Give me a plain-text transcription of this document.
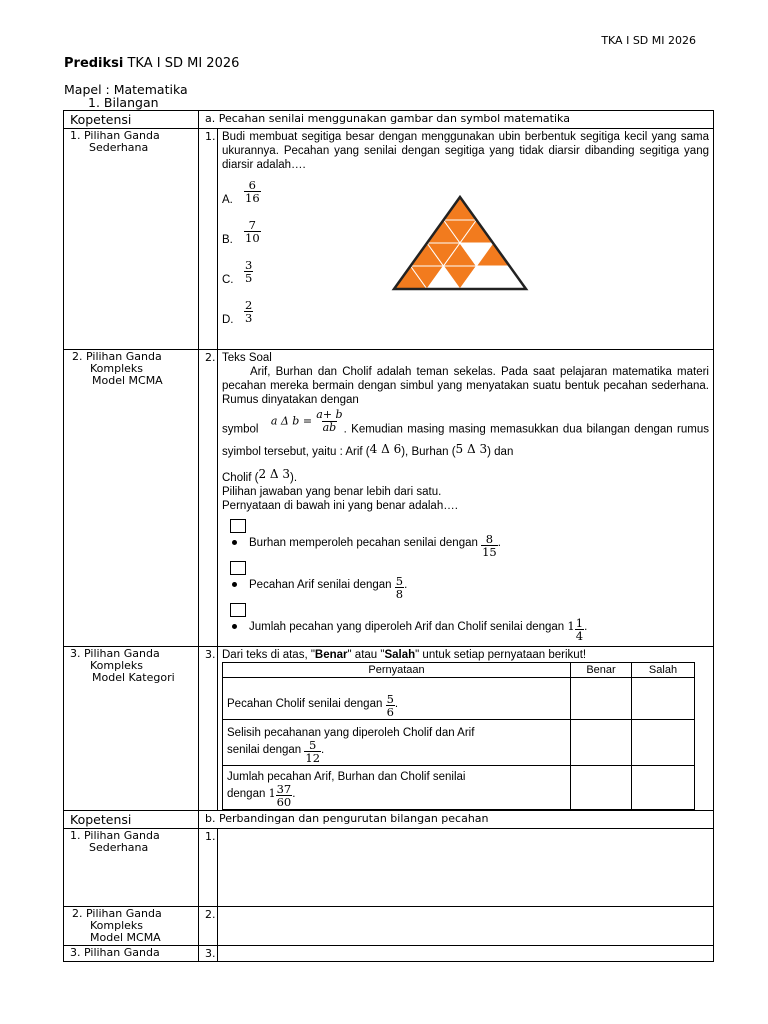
TKA I SD MI 2026
Prediksi TKA I SD MI 2026
Mapel : Matematika
1. Bilangan
Kopetensi	a. Pecahan senilai menggunakan gambar dan symbol matematika

1. Pilihan Ganda
Sederhana
	1.	Budi membuat segitiga besar dengan menggunakan ubin berbentuk segitiga kecil yang sama ukurannya. Pecahan yang senilai dengan segitiga yang tidak diarsir dibanding segitiga yang diarsir adalah….
A. $\frac{6}{16}$
B. $\frac{7}{10}$
C. $\frac{3}{5}$
D. $\frac{2}{3}$

2. Pilihan Ganda
Kompleks
Model MCMA
	2.	Teks Soal
Arif, Burhan dan Cholif adalah teman sekelas. Pada saat pelajaran matematika materi pecahan mereka bermain dengan simbul yang menyatakan suatu bentuk pecahan sederhana. Rumus dinyatakan dengan
symbol a Δ $b = \frac{a+ b}{ab}$ . Kemudian masing masing memasukkan dua bilangan dengan rumus syimbol tersebut, yaitu : Arif (4 Δ 6), Burhan (5 Δ 3) dan
Cholif (2 Δ 3).
Pilihan jawaban yang benar lebih dari satu.
Pernyataan di bawah ini yang benar adalah….
Burhan memperoleh pecahan senilai dengan $\frac{8}{15}$ .
Pecahan Arif senilai dengan $\frac{5}{8}$ .
Jumlah pecahan yang diperoleh Arif dan Cholif senilai dengan $1 \frac{1}{4}$ .

3. Pilihan Ganda
Kompleks
Model Kategori
	3.	Dari teks di atas, "Benar" atau "Salah" untuk setiap pernyataan berikut!
Pernyataan	Benar	Salah

Pecahan Cholif senilai dengan $\frac{5}{6}$ .

Selisih pecahanan yang diperoleh Cholif dan Arif
senilai dengan $\frac{5}{12}$ .

Jumlah pecahan Arif, Burhan dan Cholif senilai
dengan $1 \frac{37}{60}$ .

Kopetensi	b. Perbandingan dan pengurutan bilangan pecahan

1. Pilihan Ganda
Sederhana
	1.	

2. Pilihan Ganda
Kompleks
Model MCMA
	2.	

3. Pilihan Ganda	3.	
